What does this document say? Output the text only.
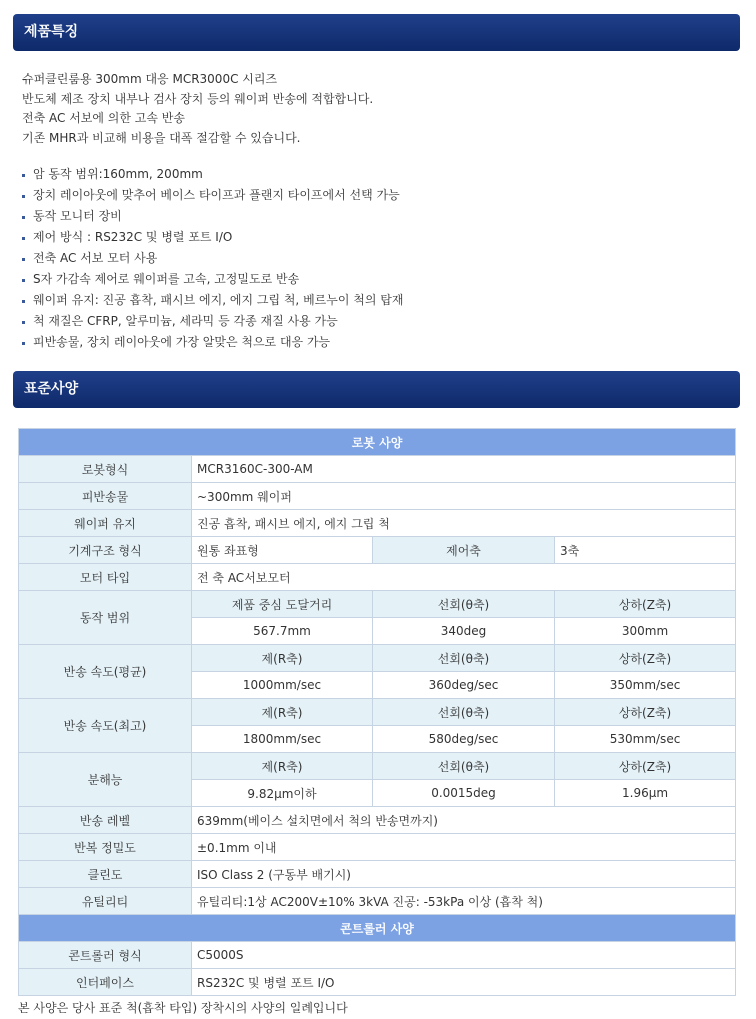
제품특징
슈퍼클린룸용 300mm 대응 MCR3000C 시리즈
반도체 제조 장치 내부나 검사 장치 등의 웨이퍼 반송에 적합합니다.
전축 AC 서보에 의한 고속 반송
기존 MHR과 비교해 비용을 대폭 절감할 수 있습니다.
암 동작 범위:160mm, 200mm
장치 레이아웃에 맞추어 베이스 타이프과 플랜지 타이프에서 선택 가능
동작 모니터 장비
제어 방식 : RS232C 및 병렬 포트 I/O
전축 AC 서보 모터 사용
S자 가감속 제어로 웨이퍼를 고속, 고정밀도로 반송
웨이퍼 유지: 진공 흡착, 패시브 에지, 에지 그립 척, 베르누이 척의 탑재
척 재질은 CFRP, 알루미늄, 세라믹 등 각종 재질 사용 가능
피반송물, 장치 레이아웃에 가장 알맞은 척으로 대응 가능
표준사양
로봇 사양			
로봇형식	MCR3160C-300-AM		
피반송물	~300mm 웨이퍼		
웨이퍼 유지	진공 흡착, 패시브 에지, 에지 그립 척		
기계구조 형식	원통 좌표형	제어축	3축
모터 타입	전 축 AC서보모터		
동작 범위	제품 중심 도달거리	선회(θ축)	상하(Z축)
	567.7mm	340deg	300mm
반송 속도(평균)	제(R축)	선회(θ축)	상하(Z축)
	1000mm/sec	360deg/sec	350mm/sec
반송 속도(최고)	제(R축)	선회(θ축)	상하(Z축)
	1800mm/sec	580deg/sec	530mm/sec
분해능	제(R축)	선회(θ축)	상하(Z축)
	9.82μm이하	0.0015deg	1.96μm
반송 레벨	639mm(베이스 설치면에서 척의 반송면까지)		
반복 정밀도	±0.1mm 이내		
클린도	ISO Class 2 (구동부 배기시)		
유틸리티	유틸리티:1상 AC200V±10% 3kVA 진공: -53kPa 이상 (흡착 척)		
콘트롤러 사양			
콘트롤러 형식	C5000S		
인터페이스	RS232C 및 병렬 포트 I/O		
본 사양은 당사 표준 척(흡착 타입) 장착시의 사양의 일례입니다
